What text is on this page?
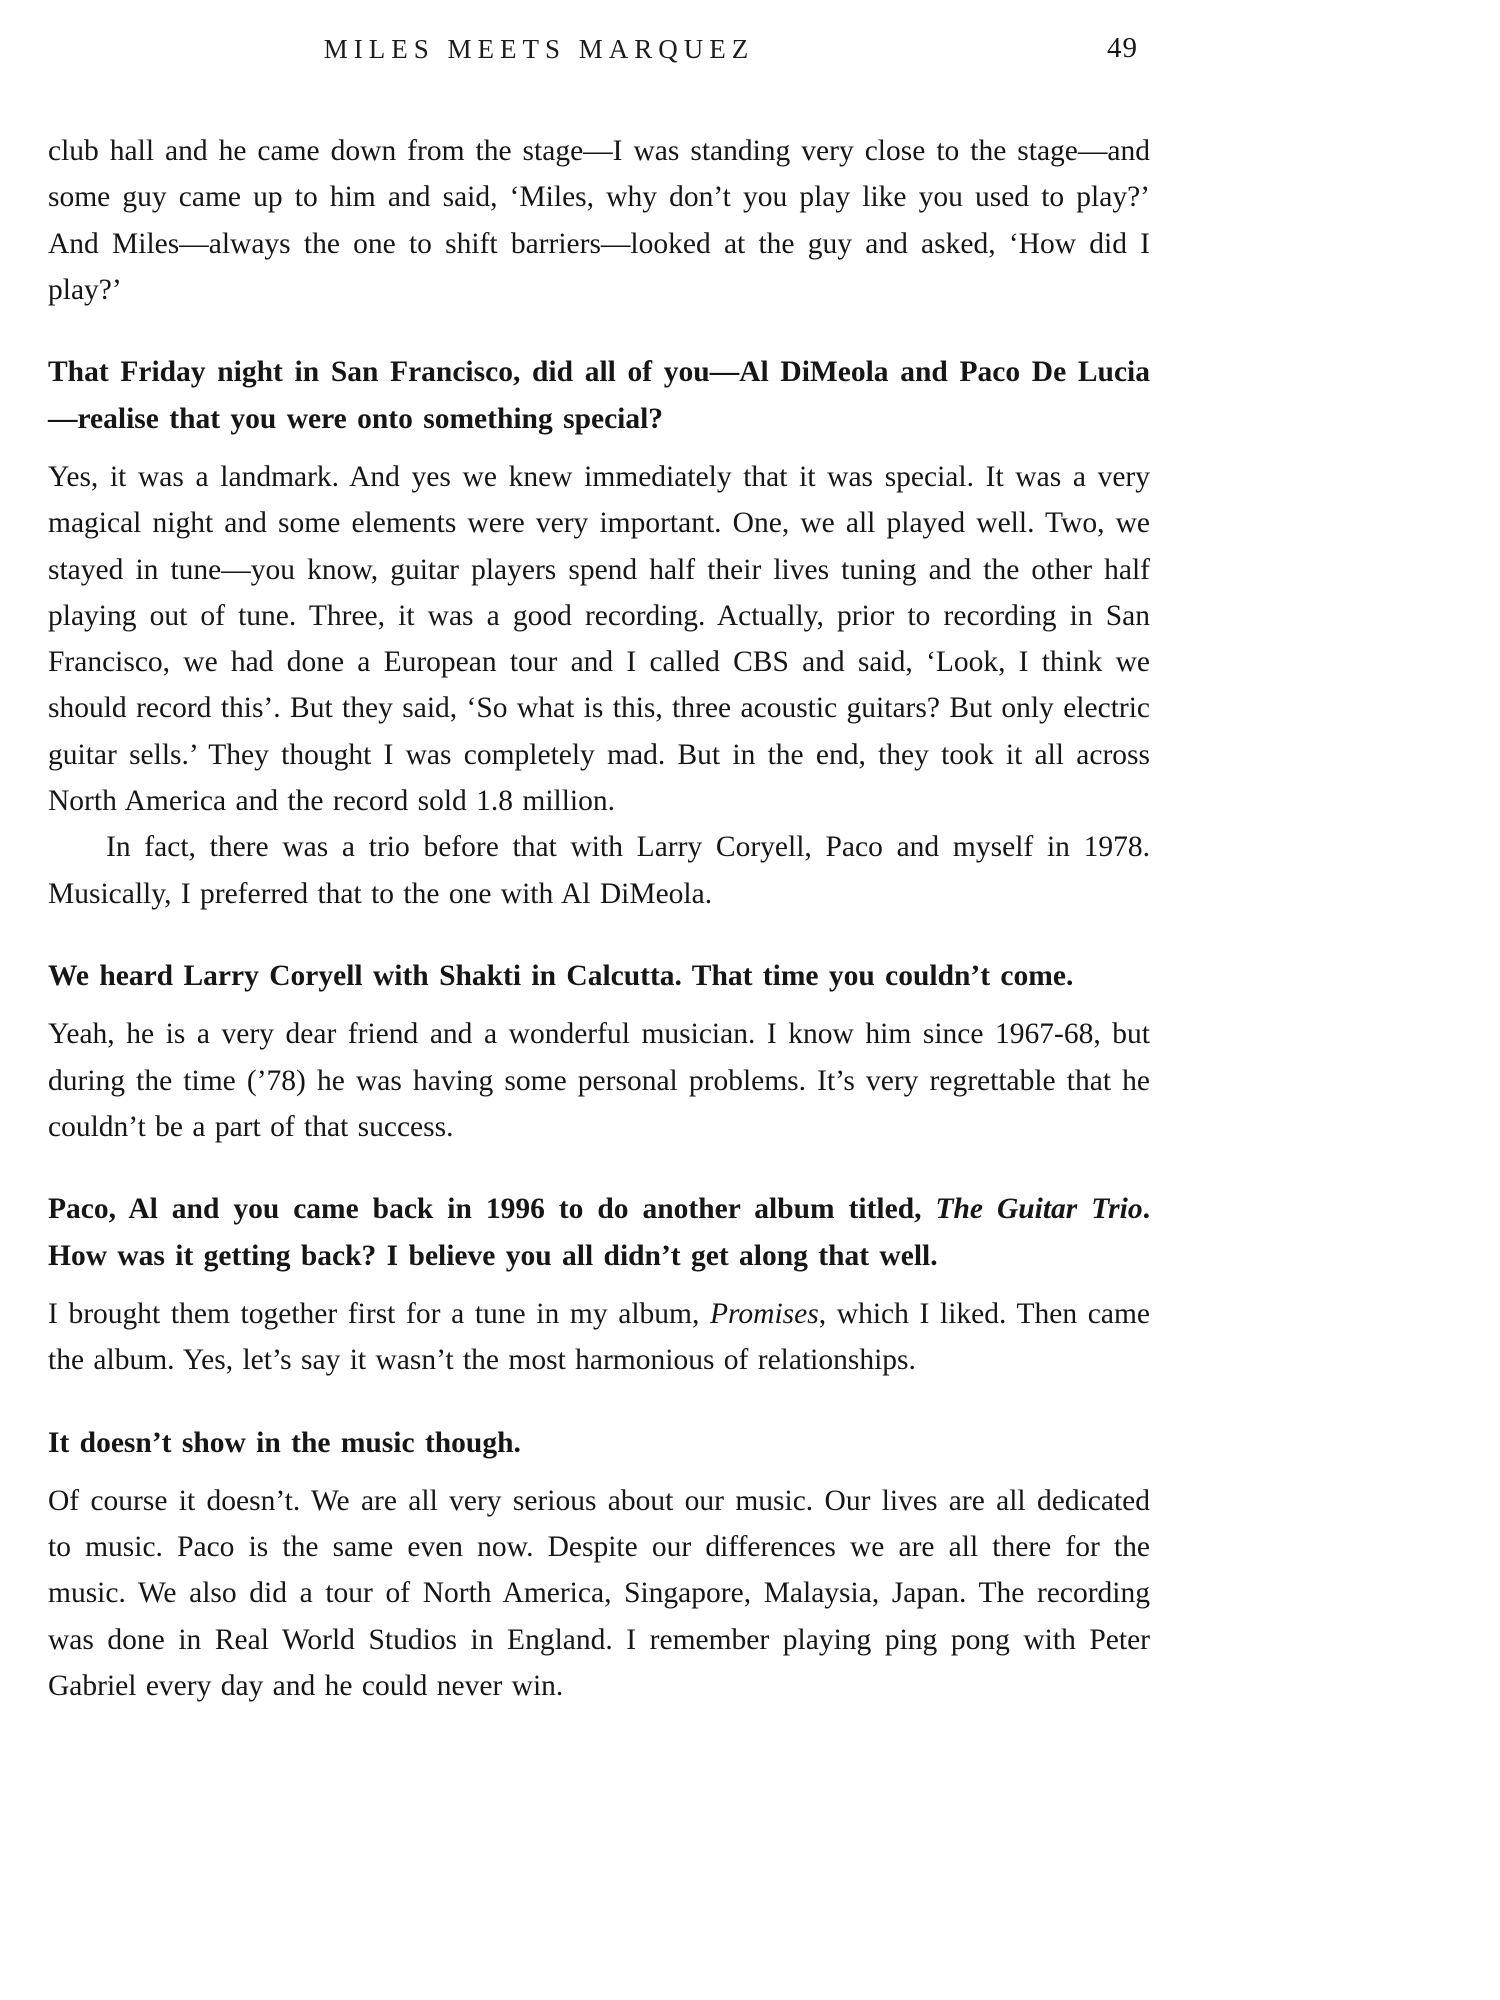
MILES MEETS MARQUEZ	49

club hall and he came down from the stage—I was standing very close to the stage—and some guy came up to him and said, ‘Miles, why don’t you play like you used to play?’ And Miles—always the one to shift barriers—looked at the guy and asked, ‘How did I play?’

That Friday night in San Francisco, did all of you—Al DiMeola and Paco De Lucia—realise that you were onto something special?

Yes, it was a landmark. And yes we knew immediately that it was special. It was a very magical night and some elements were very important. One, we all played well. Two, we stayed in tune—you know, guitar players spend half their lives tuning and the other half playing out of tune. Three, it was a good recording. Actually, prior to recording in San Francisco, we had done a European tour and I called CBS and said, ‘Look, I think we should record this’. But they said, ‘So what is this, three acoustic guitars? But only electric guitar sells.’ They thought I was completely mad. But in the end, they took it all across North America and the record sold 1.8 million.

In fact, there was a trio before that with Larry Coryell, Paco and myself in 1978. Musically, I preferred that to the one with Al DiMeola.

We heard Larry Coryell with Shakti in Calcutta. That time you couldn’t come.

Yeah, he is a very dear friend and a wonderful musician. I know him since 1967-68, but during the time (’78) he was having some personal problems. It’s very regrettable that he couldn’t be a part of that success.

Paco, Al and you came back in 1996 to do another album titled, The Guitar Trio. How was it getting back? I believe you all didn’t get along that well.

I brought them together first for a tune in my album, Promises, which I liked. Then came the album. Yes, let’s say it wasn’t the most harmonious of relationships.

It doesn’t show in the music though.

Of course it doesn’t. We are all very serious about our music. Our lives are all dedicated to music. Paco is the same even now. Despite our differences we are all there for the music. We also did a tour of North America, Singapore, Malaysia, Japan. The recording was done in Real World Studios in England. I remember playing ping pong with Peter Gabriel every day and he could never win.
